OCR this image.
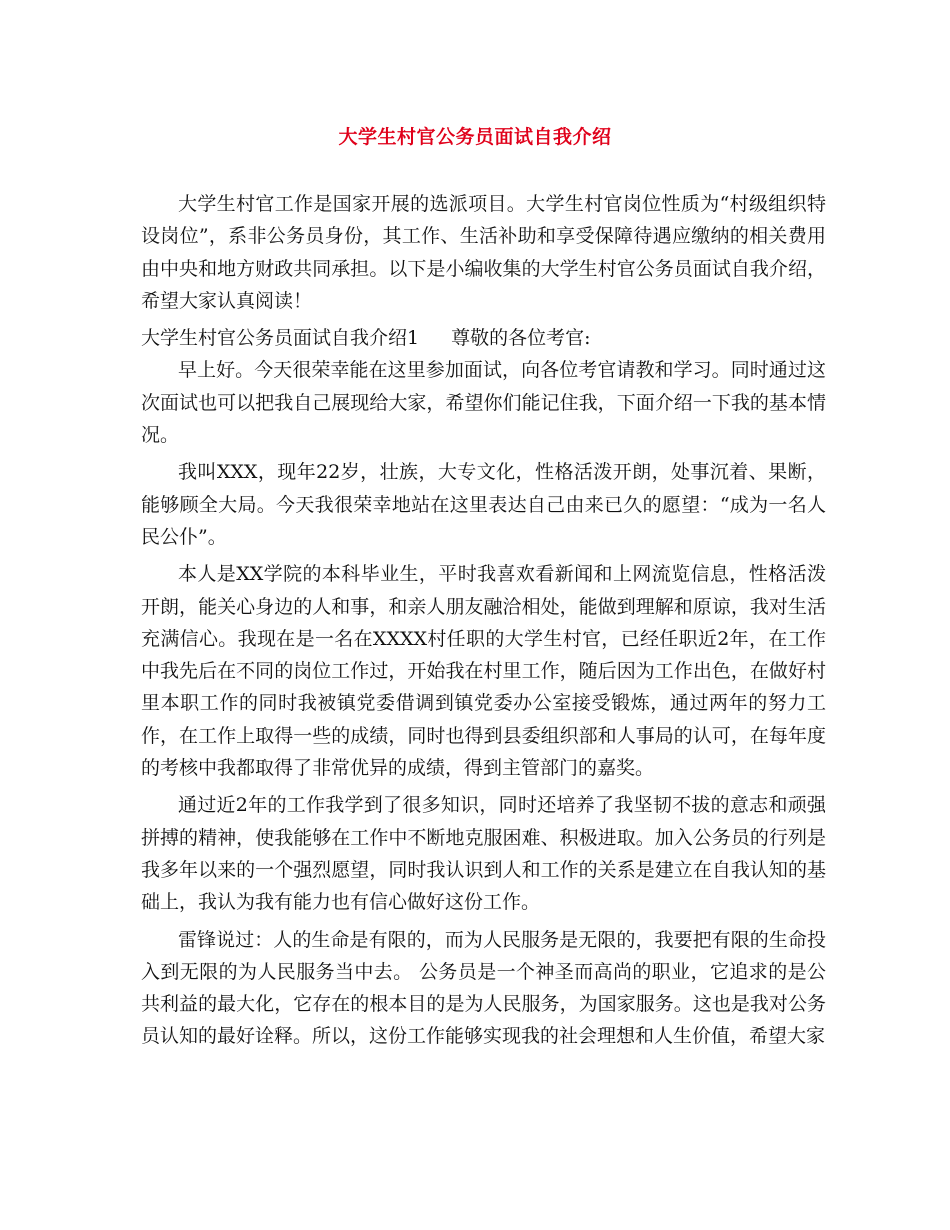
大学生村官公务员面试自我介绍

大学生村官工作是国家开展的选派项目。大学生村官岗位性质为“村级组织特设岗位”，系非公务员身份，其工作、生活补助和享受保障待遇应缴纳的相关费用由中央和地方财政共同承担。以下是小编收集的大学生村官公务员面试自我介绍，希望大家认真阅读！

大学生村官公务员面试自我介绍1 尊敬的各位考官:

早上好。今天很荣幸能在这里参加面试，向各位考官请教和学习。同时通过这次面试也可以把我自己展现给大家，希望你们能记住我，下面介绍一下我的基本情况。

我叫XXX，现年22岁，壮族，大专文化，性格活泼开朗，处事沉着、果断，能够顾全大局。今天我很荣幸地站在这里表达自己由来已久的愿望：“成为一名人民公仆”。

本人是XX学院的本科毕业生，平时我喜欢看新闻和上网流览信息，性格活泼开朗，能关心身边的人和事，和亲人朋友融洽相处，能做到理解和原谅，我对生活充满信心。我现在是一名在XXXX村任职的大学生村官，已经任职近2年，在工作中我先后在不同的岗位工作过，开始我在村里工作，随后因为工作出色，在做好村里本职工作的同时我被镇党委借调到镇党委办公室接受锻炼，通过两年的努力工作，在工作上取得一些的成绩，同时也得到县委组织部和人事局的认可，在每年度的考核中我都取得了非常优异的成绩，得到主管部门的嘉奖。

通过近2年的工作我学到了很多知识，同时还培养了我坚韧不拔的意志和顽强拼搏的精神，使我能够在工作中不断地克服困难、积极进取。加入公务员的行列是我多年以来的一个强烈愿望，同时我认识到人和工作的关系是建立在自我认知的基础上，我认为我有能力也有信心做好这份工作。

雷锋说过：人的生命是有限的，而为人民服务是无限的，我要把有限的生命投入到无限的为人民服务当中去。 公务员是一个神圣而高尚的职业，它追求的是公共利益的最大化，它存在的根本目的是为人民服务，为国家服务。这也是我对公务员认知的最好诠释。所以，这份工作能够实现我的社会理想和人生价值，希望大家
